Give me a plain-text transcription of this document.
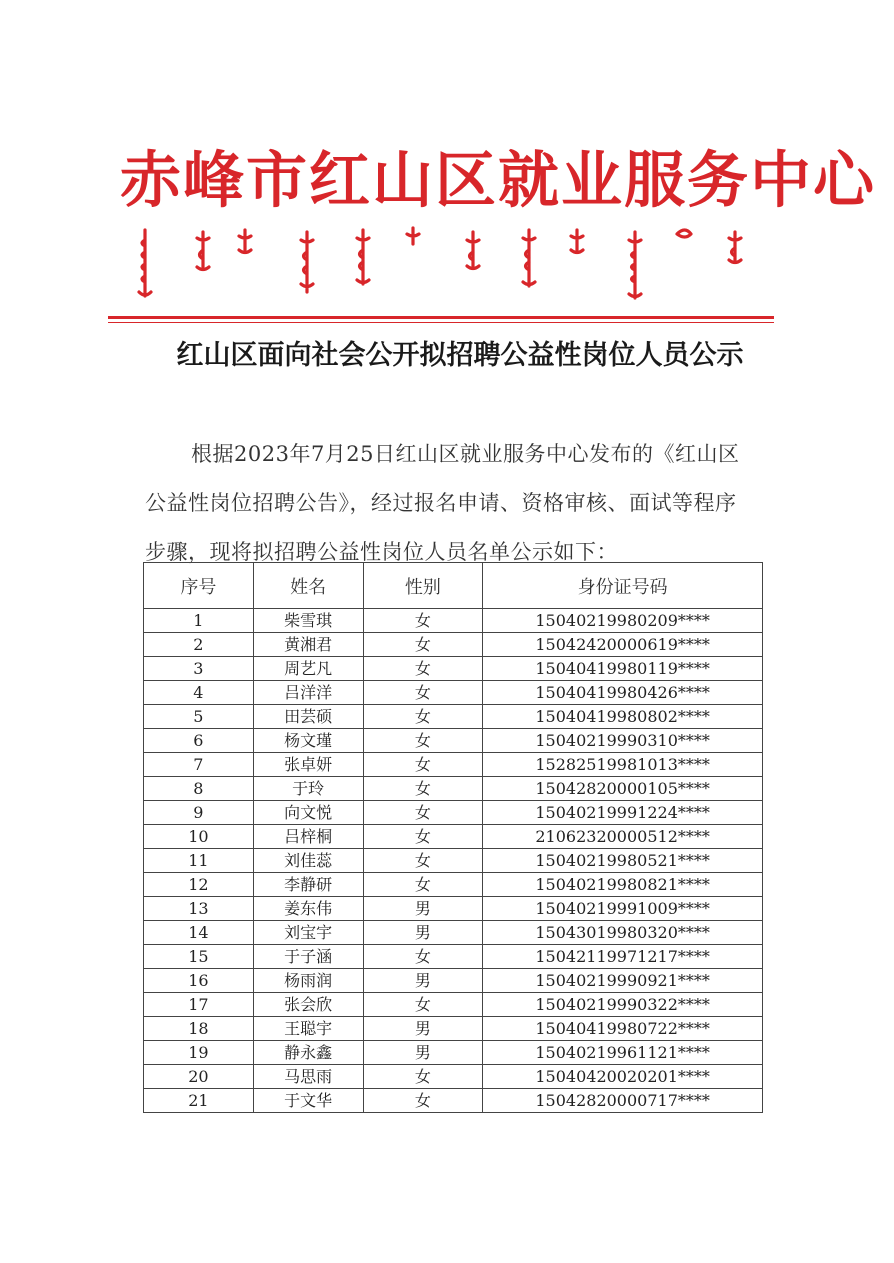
赤峰市红山区就业服务中心
红山区面向社会公开拟招聘公益性岗位人员公示

根据2023年7月25日红山区就业服务中心发布的《红山区

公益性岗位招聘公告》，经过报名申请、资格审核、面试等程序

步骤，现将拟招聘公益性岗位人员名单公示如下：

序号	姓名	性别	身份证号码
1	柴雪琪	女	15040219980209****
2	黄湘君	女	15042420000619****
3	周艺凡	女	15040419980119****
4	吕洋洋	女	15040419980426****
5	田芸硕	女	15040419980802****
6	杨文瑾	女	15040219990310****
7	张卓妍	女	15282519981013****
8	于玲	女	15042820000105****
9	向文悦	女	15040219991224****
10	吕梓桐	女	21062320000512****
11	刘佳蕊	女	15040219980521****
12	李静研	女	15040219980821****
13	姜东伟	男	15040219991009****
14	刘宝宇	男	15043019980320****
15	于子涵	女	15042119971217****
16	杨雨润	男	15040219990921****
17	张会欣	女	15040219990322****
18	王聪宇	男	15040419980722****
19	静永鑫	男	15040219961121****
20	马思雨	女	15040420020201****
21	于文华	女	15042820000717****
